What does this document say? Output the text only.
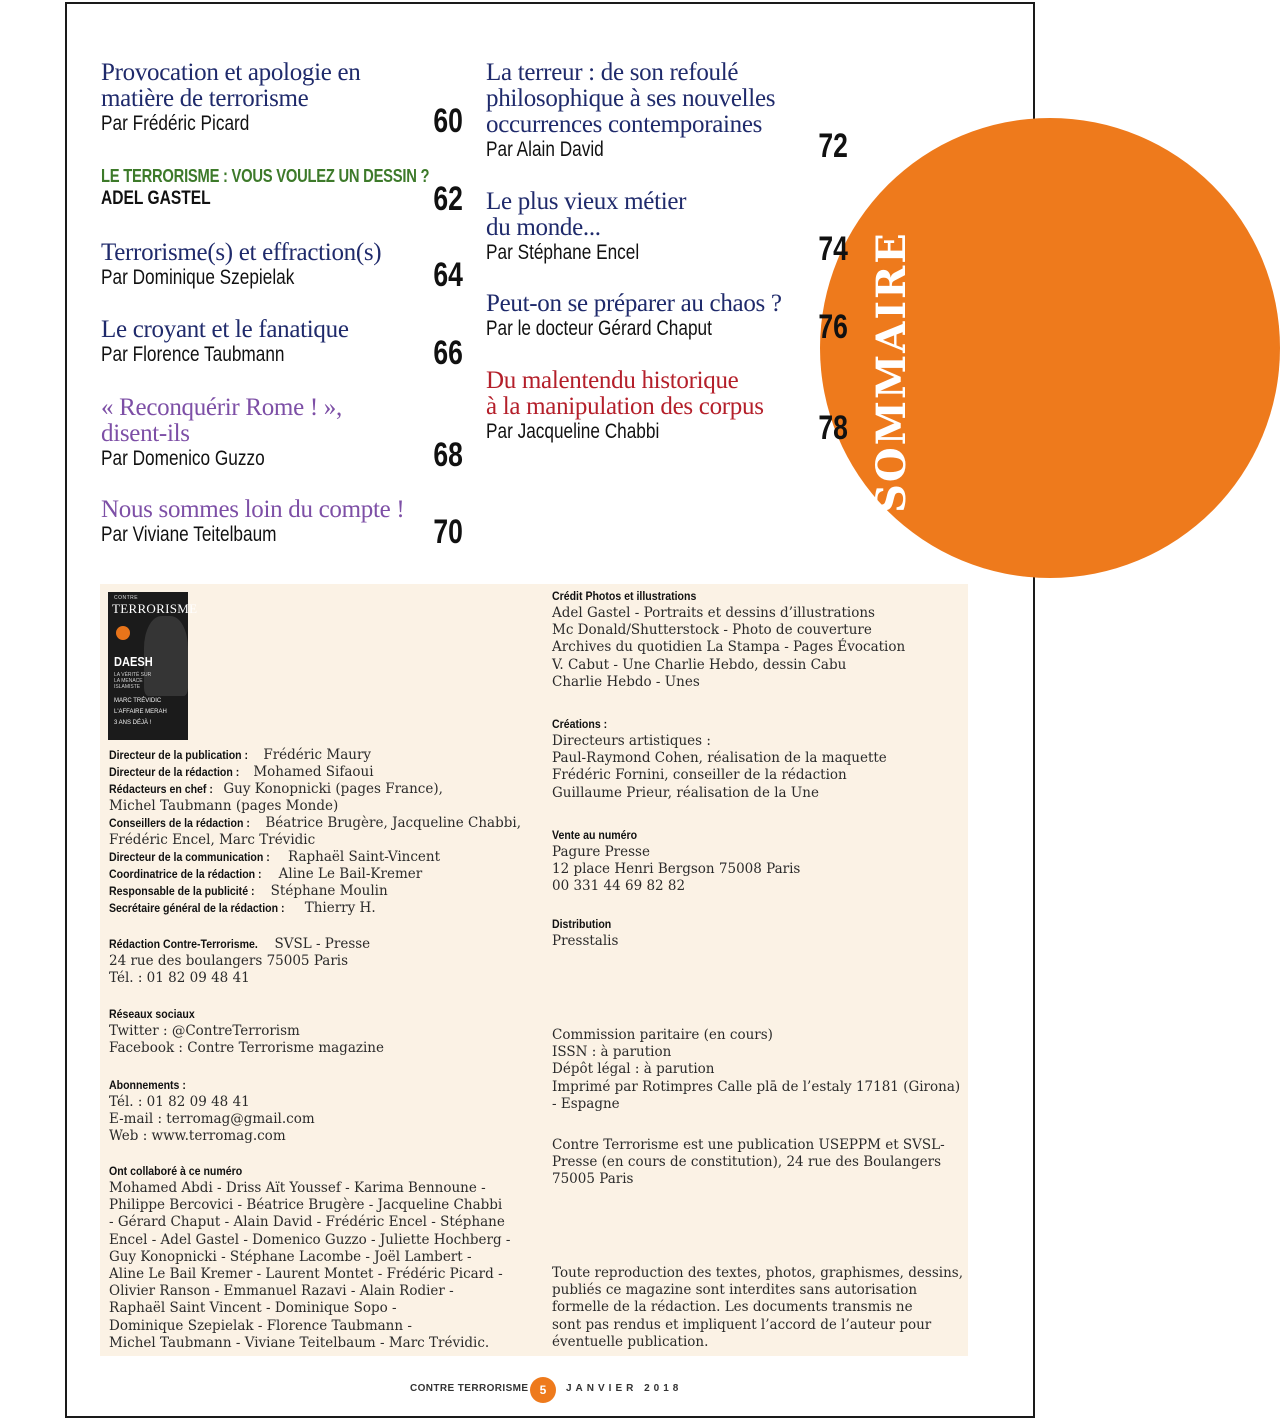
SOMMAIRE
Provocation et apologie en
matière de terrorisme
Par Frédéric Picard	60
LE TERRORISME : VOUS VOULEZ UN DESSIN ?
ADEL GASTEL	62
Terrorisme(s) et effraction(s)
Par Dominique Szepielak	64
Le croyant et le fanatique
Par Florence Taubmann	66
« Reconquérir Rome ! »,
disent-ils
Par Domenico Guzzo	68
Nous sommes loin du compte !
Par Viviane Teitelbaum	70
La terreur : de son refoulé
philosophique à ses nouvelles
occurrences contemporaines
Par Alain David	72
Le plus vieux métier
du monde...
Par Stéphane Encel	74
Peut-on se préparer au chaos ?
Par le docteur Gérard Chaput	76
Du malentendu historique
à la manipulation des corpus
Par Jacqueline Chabbi	78
CONTRE
TERRORISME
DAESH
LA VÉRITÉ SUR LA MENACE ISLAMISTE
MARC TRÉVIDIC
L'AFFAIRE MERAH
3 ANS DÉJÀ !
Directeur de la publication : Frédéric Maury
Directeur de la rédaction : Mohamed Sifaoui
Rédacteurs en chef : Guy Konopnicki (pages France),
Michel Taubmann (pages Monde)
Conseillers de la rédaction : Béatrice Brugère, Jacqueline Chabbi,
Frédéric Encel, Marc Trévidic
Directeur de la communication : Raphaël Saint-Vincent
Coordinatrice de la rédaction : Aline Le Bail-Kremer
Responsable de la publicité : Stéphane Moulin
Secrétaire général de la rédaction : Thierry H.
Rédaction Contre-Terrorisme. SVSL - Presse
24 rue des boulangers 75005 Paris
Tél. : 01 82 09 48 41
Réseaux sociaux
Twitter : @ContreTerrorism
Facebook : Contre Terrorisme magazine
Abonnements :
Tél. : 01 82 09 48 41
E-mail : terromag@gmail.com
Web : www.terromag.com
Ont collaboré à ce numéro
Mohamed Abdi - Driss Aït Youssef - Karima Bennoune -
Philippe Bercovici - Béatrice Brugère - Jacqueline Chabbi
- Gérard Chaput - Alain David - Frédéric Encel - Stéphane
Encel - Adel Gastel - Domenico Guzzo - Juliette Hochberg -
Guy Konopnicki - Stéphane Lacombe - Joël Lambert -
Aline Le Bail Kremer - Laurent Montet - Frédéric Picard -
Olivier Ranson - Emmanuel Razavi - Alain Rodier -
Raphaël Saint Vincent - Dominique Sopo -
Dominique Szepielak - Florence Taubmann -
Michel Taubmann - Viviane Teitelbaum - Marc Trévidic.
Crédit Photos et illustrations
Adel Gastel - Portraits et dessins d’illustrations
Mc Donald/Shutterstock - Photo de couverture
Archives du quotidien La Stampa - Pages Évocation
V. Cabut - Une Charlie Hebdo, dessin Cabu
Charlie Hebdo - Unes
Créations :
Directeurs artistiques :
Paul-Raymond Cohen, réalisation de la maquette
Frédéric Fornini, conseiller de la rédaction
Guillaume Prieur, réalisation de la Une
Vente au numéro
Pagure Presse
12 place Henri Bergson 75008 Paris
00 331 44 69 82 82
Distribution
Presstalis
Commission paritaire (en cours)
ISSN : à parution
Dépôt légal : à parution
Imprimé par Rotimpres Calle plā de l’estaly 17181 (Girona)
- Espagne
Contre Terrorisme est une publication USEPPM et SVSL-
Presse (en cours de constitution), 24 rue des Boulangers
75005 Paris
Toute reproduction des textes, photos, graphismes, dessins,
publiés ce magazine sont interdites sans autorisation
formelle de la rédaction. Les documents transmis ne
sont pas rendus et impliquent l’accord de l’auteur pour
éventuelle publication.
CONTRE TERRORISME 5	JANVIER 2018
